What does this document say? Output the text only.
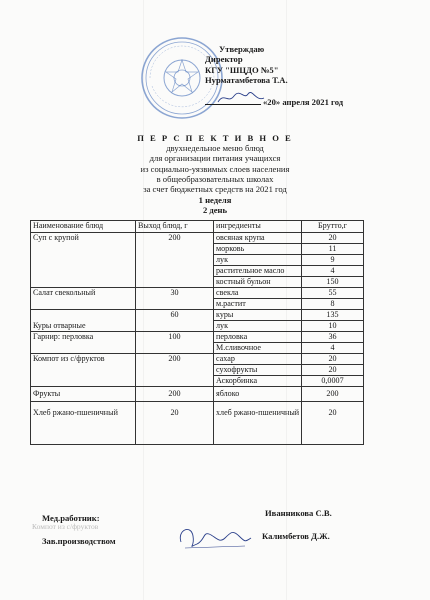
Утверждаю
Директор
КГУ "ШЦДО №5"
Нурматамбетова Т.А.
«20» апреля 2021 год
П Е Р С П Е К Т И В Н О Е
двухнедельное меню блюд
для организации питания учащихся
из социально-уязвимых слоев населения
в общеобразовательных школах
за счет бюджетных средств на 2021 год
1 неделя
2 день
Наименование блюд	Выход блюд, г	ингредиенты	Брутто,г
Суп с крупой	200	овсяная крупа	20
		морковь	11
		лук	9
		растительное масло	4
		костный бульон	150
Салат свекольный	30	свекла	55
		м.растит	8
Куры отварные	60	куры	135
		лук	10
Гарнир: перловка	100	перловка	36
		М.сливочное	4
Компот из с/фруктов	200	сахар	20
		сухофрукты	20
		Аскорбинка	0,0007
Фрукты	200	яблоко	200
Хлеб ржано-пшеничный	20	хлеб ржано-пшеничный	20
Иванникова С.В.
Мед.работник:
Компот из с/фруктов
Зав.производством	Калимбетов Д.Ж.
